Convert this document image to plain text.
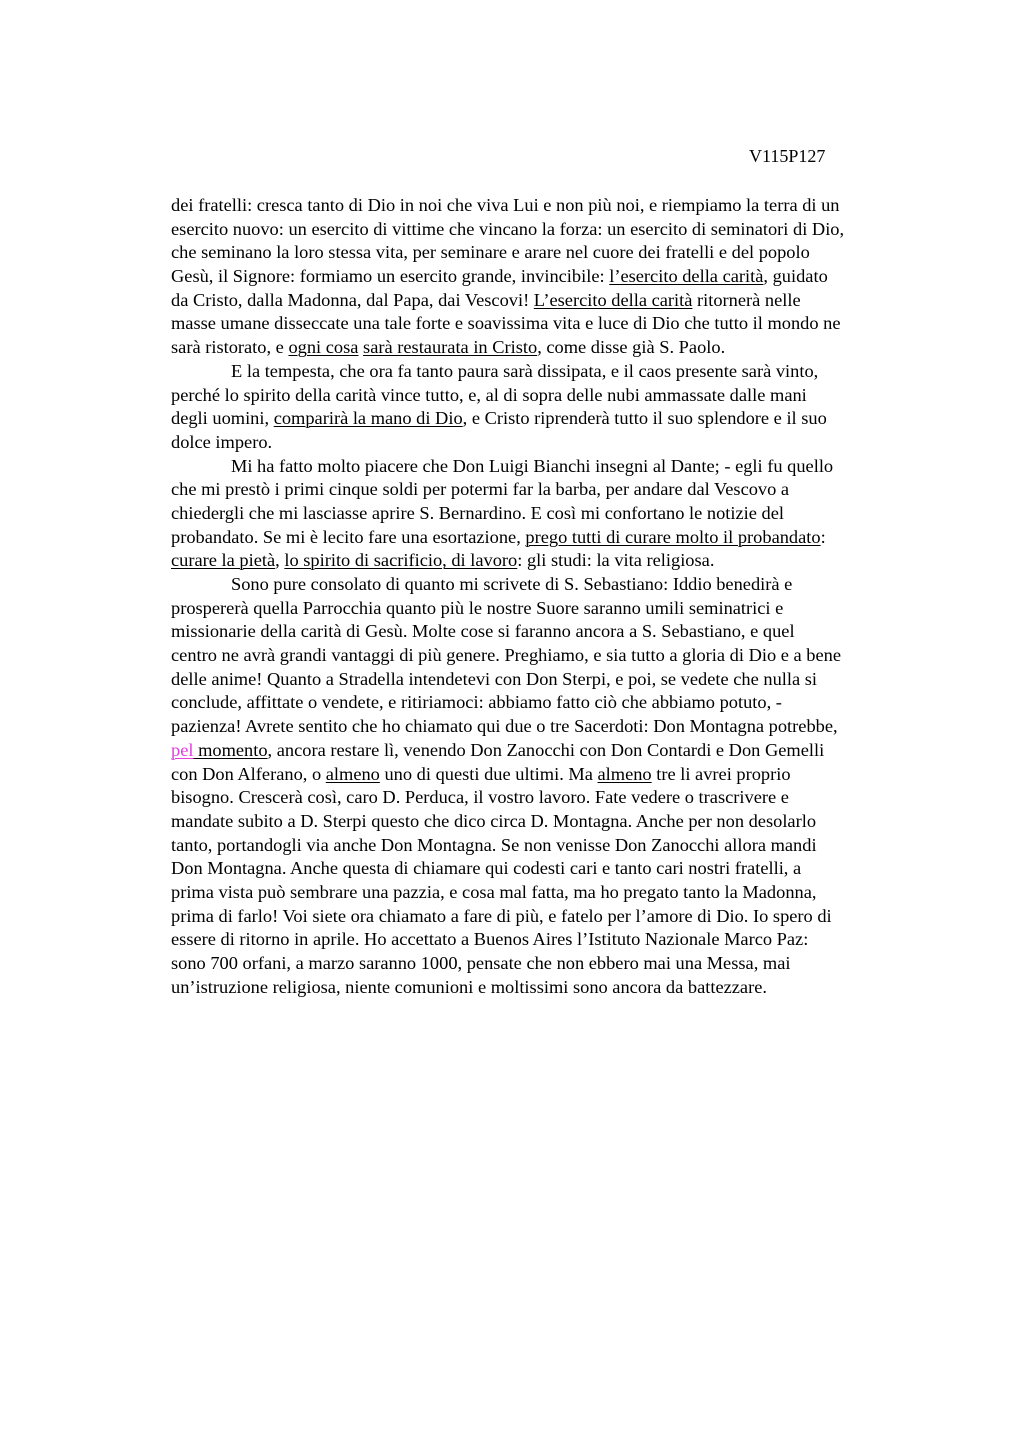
V115P127
dei fratelli: cresca tanto di Dio in noi che viva Lui e non più noi, e riempiamo la terra di un
esercito nuovo: un esercito di vittime che vincano la forza: un esercito di seminatori di Dio,
che seminano la loro stessa vita, per seminare e arare nel cuore dei fratelli e del popolo
Gesù, il Signore: formiamo un esercito grande, invincibile: l’esercito della carità, guidato
da Cristo, dalla Madonna, dal Papa, dai Vescovi! L’esercito della carità ritornerà nelle
masse umane disseccate una tale forte e soavissima vita e luce di Dio che tutto il mondo ne
sarà ristorato, e ogni cosa sarà restaurata in Cristo, come disse già S. Paolo.
E la tempesta, che ora fa tanto paura sarà dissipata, e il caos presente sarà vinto,
perché lo spirito della carità vince tutto, e, al di sopra delle nubi ammassate dalle mani
degli uomini, comparirà la mano di Dio, e Cristo riprenderà tutto il suo splendore e il suo
dolce impero.
Mi ha fatto molto piacere che Don Luigi Bianchi insegni al Dante; - egli fu quello
che mi prestò i primi cinque soldi per potermi far la barba, per andare dal Vescovo a
chiedergli che mi lasciasse aprire S. Bernardino. E così mi confortano le notizie del
probandato. Se mi è lecito fare una esortazione, prego tutti di curare molto il probandato:
curare la pietà, lo spirito di sacrificio, di lavoro: gli studi: la vita religiosa.
Sono pure consolato di quanto mi scrivete di S. Sebastiano: Iddio benedirà e
prospererà quella Parrocchia quanto più le nostre Suore saranno umili seminatrici e
missionarie della carità di Gesù. Molte cose si faranno ancora a S. Sebastiano, e quel
centro ne avrà grandi vantaggi di più genere. Preghiamo, e sia tutto a gloria di Dio e a bene
delle anime! Quanto a Stradella intendetevi con Don Sterpi, e poi, se vedete che nulla si
conclude, affittate o vendete, e ritiriamoci: abbiamo fatto ciò che abbiamo potuto, -
pazienza! Avrete sentito che ho chiamato qui due o tre Sacerdoti: Don Montagna potrebbe,
pel momento, ancora restare lì, venendo Don Zanocchi con Don Contardi e Don Gemelli
con Don Alferano, o almeno uno di questi due ultimi. Ma almeno tre li avrei proprio
bisogno. Crescerà così, caro D. Perduca, il vostro lavoro. Fate vedere o trascrivere e
mandate subito a D. Sterpi questo che dico circa D. Montagna. Anche per non desolarlo
tanto, portandogli via anche Don Montagna. Se non venisse Don Zanocchi allora mandi
Don Montagna. Anche questa di chiamare qui codesti cari e tanto cari nostri fratelli, a
prima vista può sembrare una pazzia, e cosa mal fatta, ma ho pregato tanto la Madonna,
prima di farlo! Voi siete ora chiamato a fare di più, e fatelo per l’amore di Dio. Io spero di
essere di ritorno in aprile. Ho accettato a Buenos Aires l’Istituto Nazionale Marco Paz:
sono 700 orfani, a marzo saranno 1000, pensate che non ebbero mai una Messa, mai
un’istruzione religiosa, niente comunioni e moltissimi sono ancora da battezzare.
